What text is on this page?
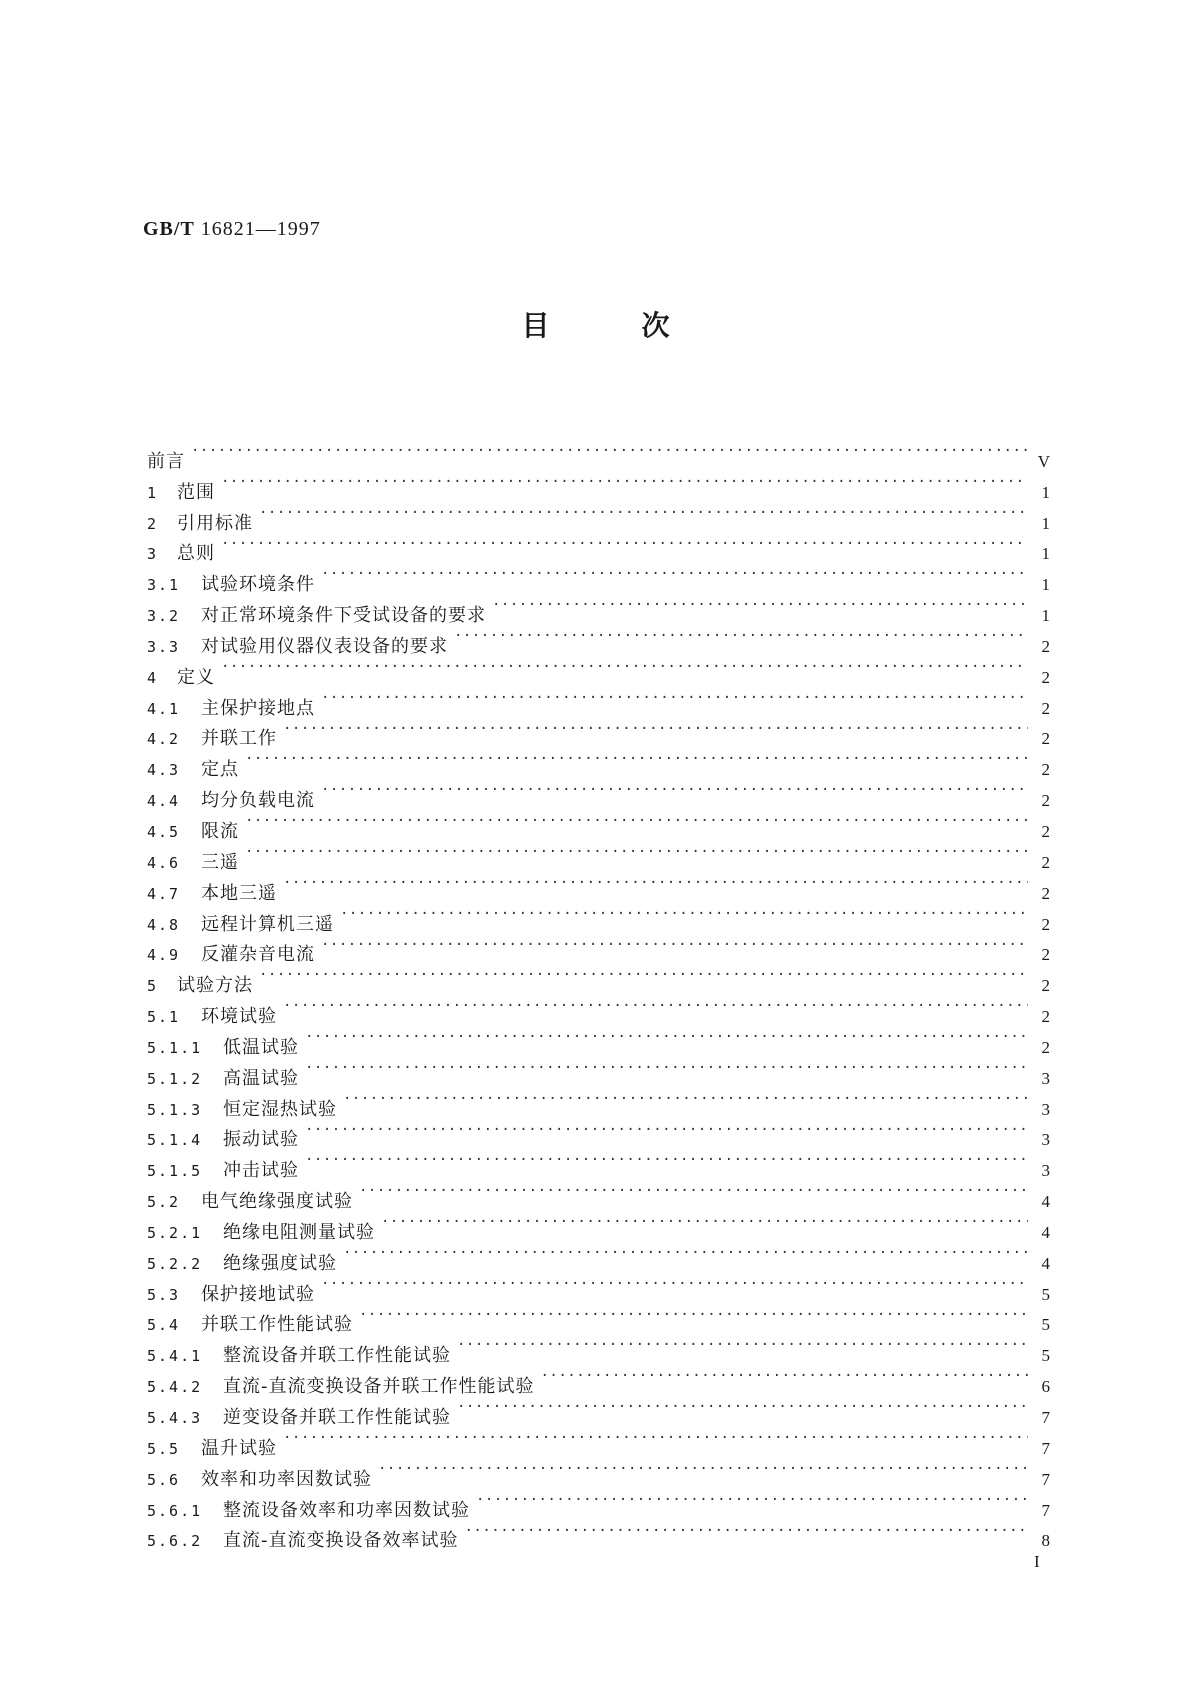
GB/T 16821—1997
目次
前言 ·····	V
1	范围 ·····	1
2	引用标准 ·····	1
3	总则 ·····	1
3.1	试验环境条件 ·····	1
3.2	对正常环境条件下受试设备的要求 ·····	1
3.3	对试验用仪器仪表设备的要求 ·····	2
4	定义 ·····	2
4.1	主保护接地点 ·····	2
4.2	并联工作 ·····	2
4.3	定点 ·····	2
4.4	均分负载电流 ·····	2
4.5	限流 ·····	2
4.6	三遥 ·····	2
4.7	本地三遥 ·····	2
4.8	远程计算机三遥 ·····	2
4.9	反灌杂音电流 ·····	2
5	试验方法 ·····	2
5.1	环境试验 ·····	2
5.1.1	低温试验 ·····	2
5.1.2	高温试验 ·····	3
5.1.3	恒定湿热试验 ·····	3
5.1.4	振动试验 ·····	3
5.1.5	冲击试验 ·····	3
5.2	电气绝缘强度试验 ·····	4
5.2.1	绝缘电阻测量试验 ·····	4
5.2.2	绝缘强度试验 ·····	4
5.3	保护接地试验 ·····	5
5.4	并联工作性能试验 ·····	5
5.4.1	整流设备并联工作性能试验 ·····	5
5.4.2	直流-直流变换设备并联工作性能试验 ·····	6
5.4.3	逆变设备并联工作性能试验 ·····	7
5.5	温升试验 ·····	7
5.6	效率和功率因数试验 ·····	7
5.6.1	整流设备效率和功率因数试验 ·····	7
5.6.2	直流-直流变换设备效率试验 ·····	8
I
